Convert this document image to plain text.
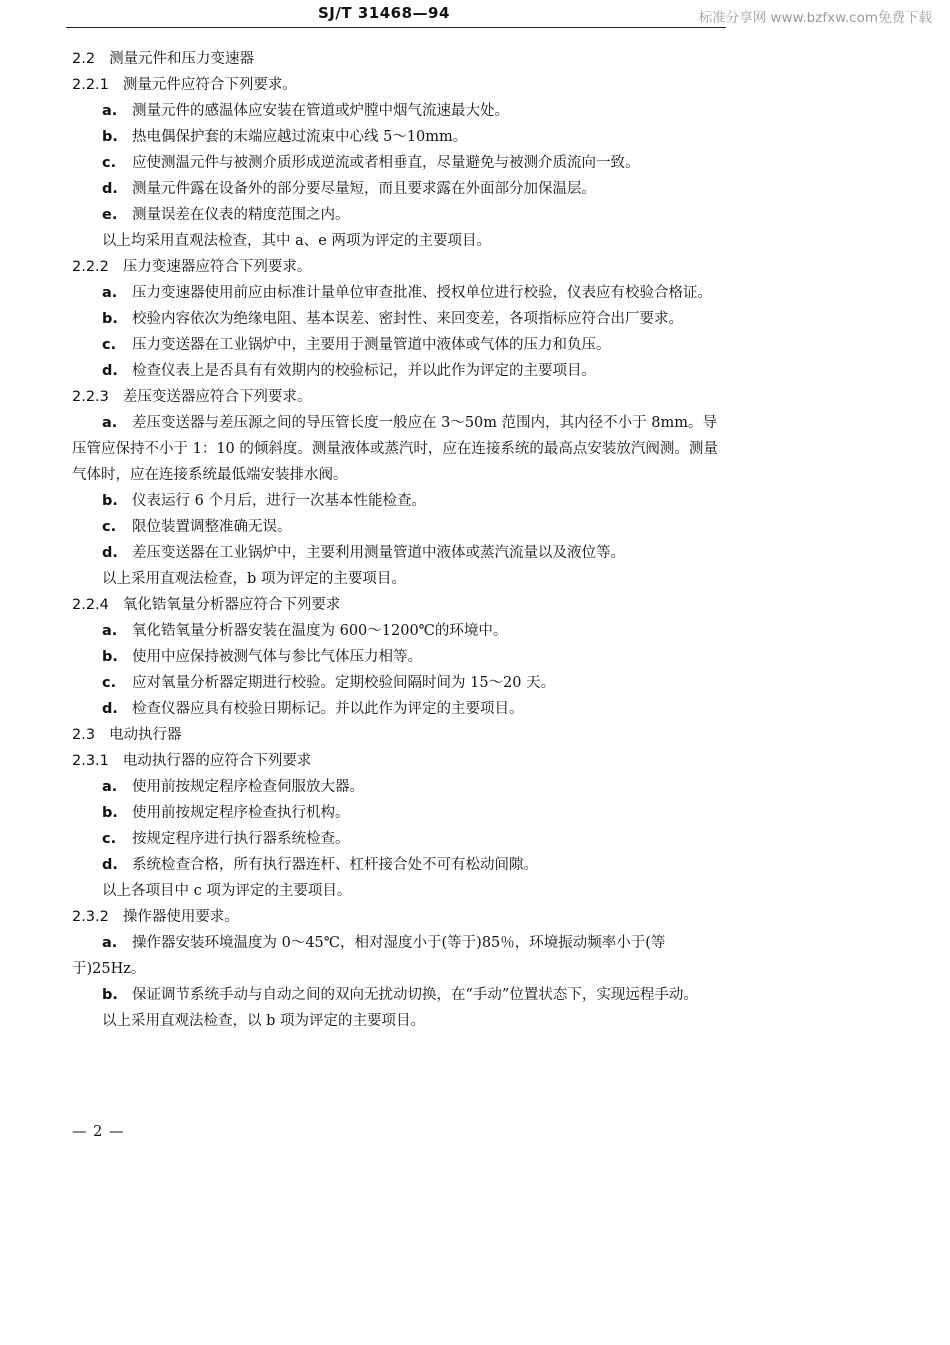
SJ/T 31468—94	标准分享网 www.bzfxw.com免费下载

2.2 测量元件和压力变速器

2.2.1 测量元件应符合下列要求。

a. 测量元件的感温体应安装在管道或炉膛中烟气流速最大处。

b. 热电偶保护套的末端应越过流束中心线 5～10mm。

c. 应使测温元件与被测介质形成逆流或者相垂直，尽量避免与被测介质流向一致。

d. 测量元件露在设备外的部分要尽量短，而且要求露在外面部分加保温层。

e. 测量误差在仪表的精度范围之内。

以上均采用直观法检查，其中 a、e 两项为评定的主要项目。

2.2.2 压力变速器应符合下列要求。

a. 压力变速器使用前应由标准计量单位审查批准、授权单位进行校验，仪表应有校验合格证。

b. 校验内容依次为绝缘电阻、基本误差、密封性、来回变差，各项指标应符合出厂要求。

c. 压力变送器在工业锅炉中，主要用于测量管道中液体或气体的压力和负压。

d. 检查仪表上是否具有有效期内的校验标记，并以此作为评定的主要项目。

2.2.3 差压变送器应符合下列要求。

a. 差压变送器与差压源之间的导压管长度一般应在 3～50m 范围内，其内径不小于 8mm。导压管应保持不小于 1：10 的倾斜度。测量液体或蒸汽时，应在连接系统的最高点安装放汽阀测。测量气体时，应在连接系统最低端安装排水阀。

b. 仪表运行 6 个月后，进行一次基本性能检查。

c. 限位装置调整准确无误。

d. 差压变送器在工业锅炉中，主要利用测量管道中液体或蒸汽流量以及液位等。

以上采用直观法检查，b 项为评定的主要项目。

2.2.4 氧化锆氧量分析器应符合下列要求

a. 氧化锆氧量分析器安装在温度为 600～1200℃的环境中。

b. 使用中应保持被测气体与参比气体压力相等。

c. 应对氧量分析器定期进行校验。定期校验间隔时间为 15～20 天。

d. 检查仪器应具有校验日期标记。并以此作为评定的主要项目。

2.3 电动执行器

2.3.1 电动执行器的应符合下列要求

a. 使用前按规定程序检查伺服放大器。

b. 使用前按规定程序检查执行机构。

c. 按规定程序进行执行器系统检查。

d. 系统检查合格，所有执行器连杆、杠杆接合处不可有松动间隙。

以上各项目中 c 项为评定的主要项目。

2.3.2 操作器使用要求。

a. 操作器安装环境温度为 0～45℃，相对湿度小于(等于)85％，环境振动频率小于(等于)25Hz。

b. 保证调节系统手动与自动之间的双向无扰动切换，在“手动”位置状态下，实现远程手动。

以上采用直观法检查，以 b 项为评定的主要项目。

— 2 —
